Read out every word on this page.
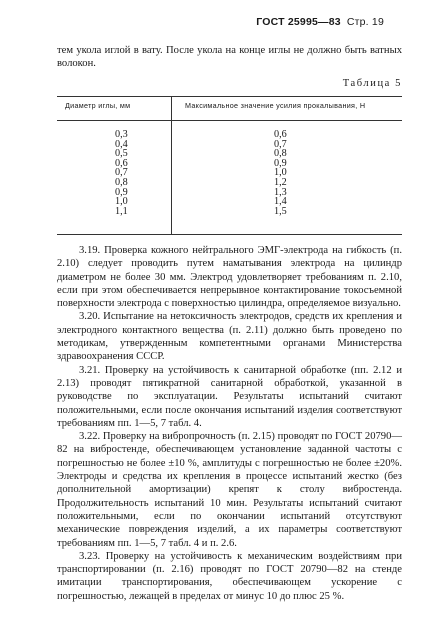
ГОСТ 25995—83 Стр. 19
тем укола иглой в вату. После укола на конце иглы не должно быть ватных волокон.
Таблица 5
Диаметр иглы, мм	Максимальное значение усилия прокалывания, Н
0,3
0,4
0,5
0,6
0,7
0,8
0,9
1,0
1,1
0,6
0,7
0,8
0,9
1,0
1,2
1,3
1,4
1,5

3.19. Проверка кожного нейтрального ЭМГ-электрода на гибкость (п. 2.10) следует проводить путем наматывания электрода на цилиндр диаметром не более 30 мм. Электрод удовлетворяет требованиям п. 2.10, если при этом обеспечивается непрерывное контактирование токосъемной поверхности электрода с поверхностью цилиндра, определяемое визуально.

3.20. Испытание на нетоксичность электродов, средств их крепления и электродного контактного вещества (п. 2.11) должно быть проведено по методикам, утвержденным компетентными органами Министерства здравоохранения СССР.

3.21. Проверку на устойчивость к санитарной обработке (пп. 2.12 и 2.13) проводят пятикратной санитарной обработкой, указанной в руководстве по эксплуатации. Результаты испытаний считают положительными, если после окончания испытаний изделия соответствуют требованиям пп. 1—5, 7 табл. 4.

3.22. Проверку на вибропрочность (п. 2.15) проводят по ГОСТ 20790—82 на вибростенде, обеспечивающем установление заданной частоты с погрешностью не более ±10 %, амплитуды с погрешностью не более ±20%. Электроды и средства их крепления в процессе испытаний жестко (без дополнительной амортизации) крепят к столу вибростенда. Продолжительность испытаний 10 мин. Результаты испытаний считают положительными, если по окончании испытаний отсутствуют механические повреждения изделий, а их параметры соответствуют требованиям пп. 1—5, 7 табл. 4 и п. 2.6.

3.23. Проверку на устойчивость к механическим воздействиям при транспортировании (п. 2.16) проводят по ГОСТ 20790—82 на стенде имитации транспортирования, обеспечивающем ускорение с погрешностью, лежащей в пределах от минус 10 до плюс 25 %.
